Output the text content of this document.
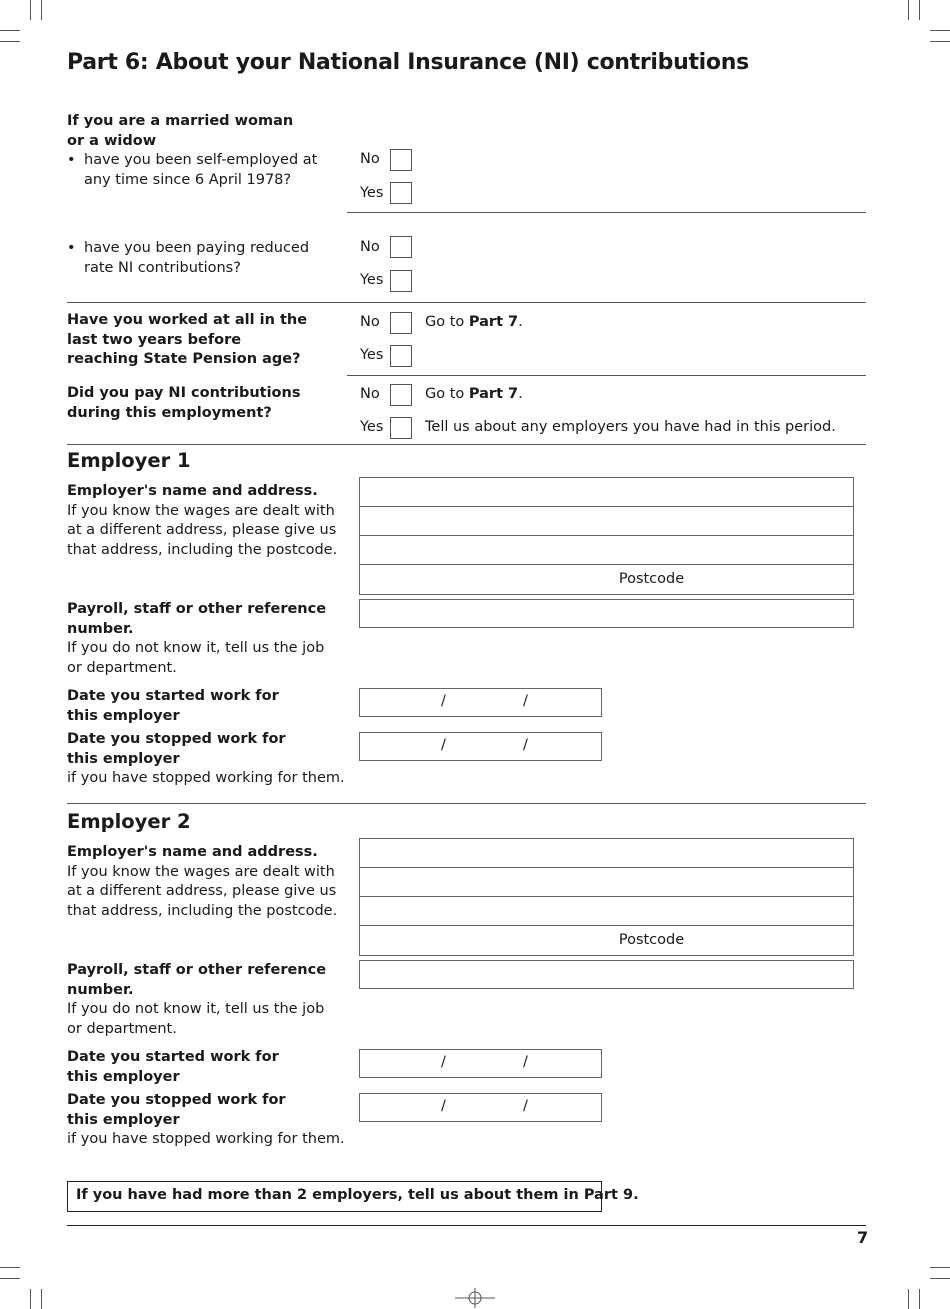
Part 6: About your National Insurance (NI) contributions
If you are a married woman or a widow
• have you been self-employed at any time since 6 April 1978?
No
Yes
• have you been paying reduced rate NI contributions?
No
Yes
Have you worked at all in the last two years before reaching State Pension age?
No	Go to Part 7.
Yes
Did you pay NI contributions during this employment?
No	Go to Part 7.
Yes	Tell us about any employers you have had in this period.
Employer 1
Employer's name and address.
If you know the wages are dealt with at a different address, please give us that address, including the postcode.
Postcode
Payroll, staff or other reference number.
If you do not know it, tell us the job or department.
Date you started work for this employer
/	/
Date you stopped work for this employer
if you have stopped working for them.
/	/
Employer 2
Employer's name and address.
If you know the wages are dealt with at a different address, please give us that address, including the postcode.
Postcode
Payroll, staff or other reference number.
If you do not know it, tell us the job or department.
Date you started work for this employer
/	/
Date you stopped work for this employer
if you have stopped working for them.
/	/
If you have had more than 2 employers, tell us about them in Part 9.
7
